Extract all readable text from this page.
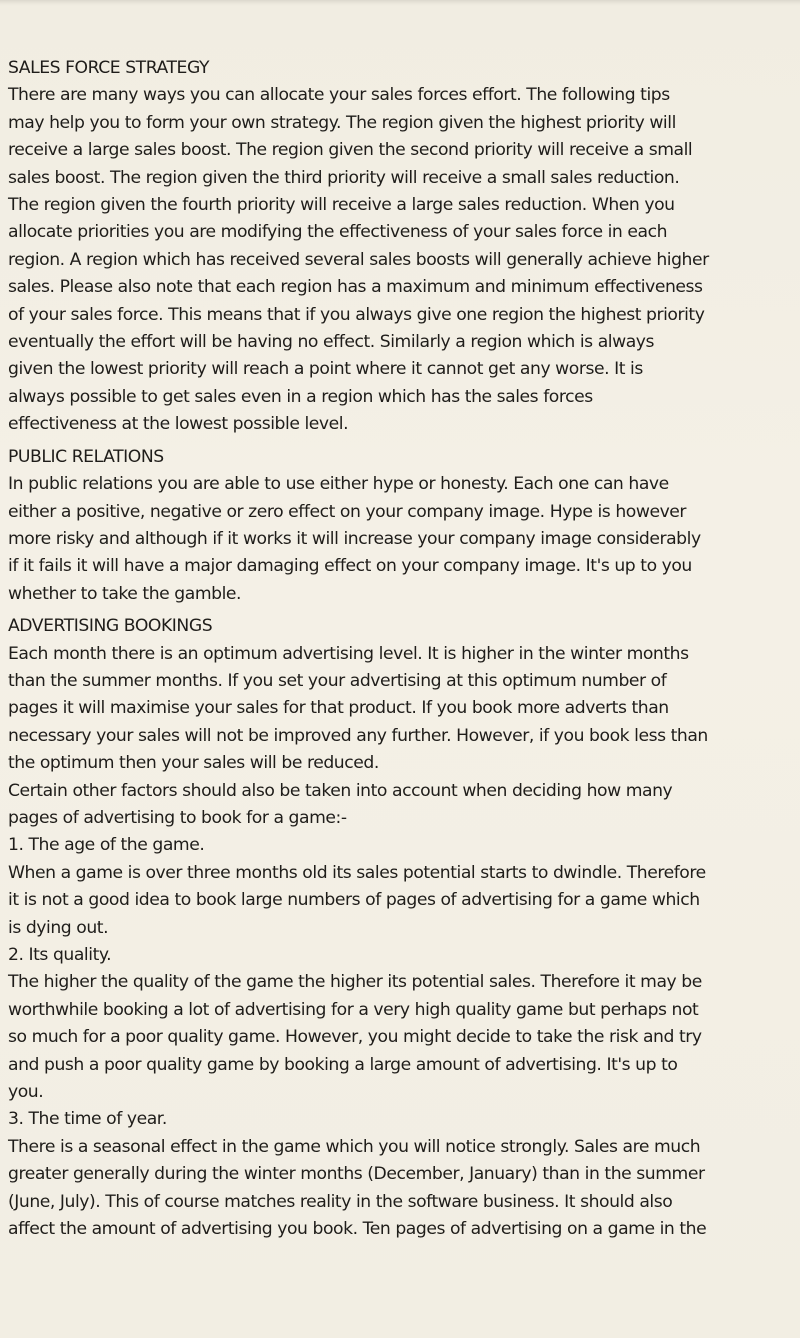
SALES FORCE STRATEGY

There are many ways you can allocate your sales forces effort. The following tips
may help you to form your own strategy. The region given the highest priority will
receive a large sales boost. The region given the second priority will receive a small
sales boost. The region given the third priority will receive a small sales reduction.
The region given the fourth priority will receive a large sales reduction. When you
allocate priorities you are modifying the effectiveness of your sales force in each
region. A region which has received several sales boosts will generally achieve higher
sales. Please also note that each region has a maximum and minimum effectiveness
of your sales force. This means that if you always give one region the highest priority
eventually the effort will be having no effect. Similarly a region which is always
given the lowest priority will reach a point where it cannot get any worse. It is
always possible to get sales even in a region which has the sales forces
effectiveness at the lowest possible level.

PUBLIC RELATIONS

In public relations you are able to use either hype or honesty. Each one can have
either a positive, negative or zero effect on your company image. Hype is however
more risky and although if it works it will increase your company image considerably
if it fails it will have a major damaging effect on your company image. It's up to you
whether to take the gamble.

ADVERTISING BOOKINGS

Each month there is an optimum advertising level. It is higher in the winter months
than the summer months. If you set your advertising at this optimum number of
pages it will maximise your sales for that product. If you book more adverts than
necessary your sales will not be improved any further. However, if you book less than
the optimum then your sales will be reduced.

Certain other factors should also be taken into account when deciding how many
pages of advertising to book for a game:-

1. The age of the game.

When a game is over three months old its sales potential starts to dwindle. Therefore
it is not a good idea to book large numbers of pages of advertising for a game which
is dying out.

2. Its quality.

The higher the quality of the game the higher its potential sales. Therefore it may be
worthwhile booking a lot of advertising for a very high quality game but perhaps not
so much for a poor quality game. However, you might decide to take the risk and try
and push a poor quality game by booking a large amount of advertising. It's up to
you.

3. The time of year.

There is a seasonal effect in the game which you will notice strongly. Sales are much
greater generally during the winter months (December, January) than in the summer
(June, July). This of course matches reality in the software business. It should also
affect the amount of advertising you book. Ten pages of advertising on a game in the
